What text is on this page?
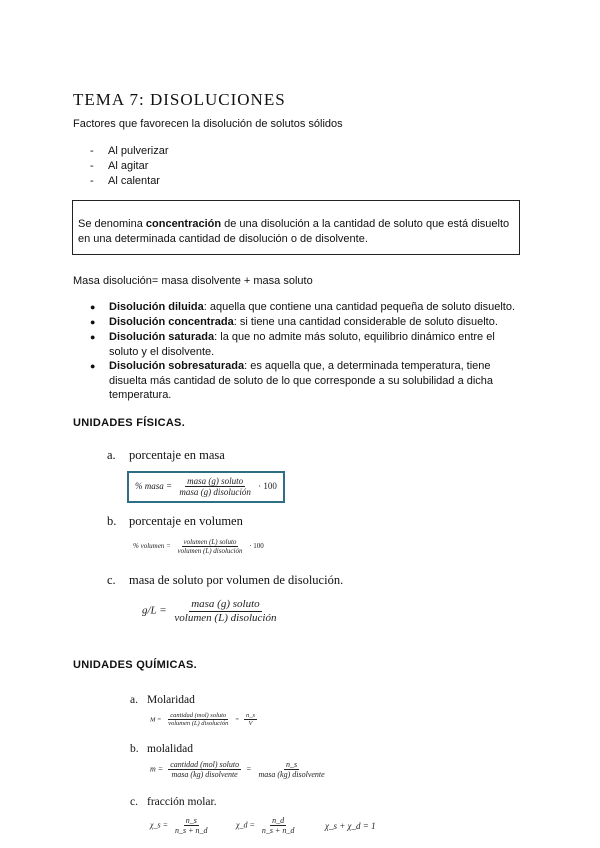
TEMA 7: DISOLUCIONES
Factores que favorecen la disolución de solutos sólidos
- Al pulverizar
- Al agitar
- Al calentar
Se denomina concentración de una disolución a la cantidad de soluto que está disuelto en una determinada cantidad de disolución o de disolvente.
Masa disolución= masa disolvente + masa soluto
● Disolución diluida: aquella que contiene una cantidad pequeña de soluto disuelto.
● Disolución concentrada: si tiene una cantidad considerable de soluto disuelto.
● Disolución saturada: la que no admite más soluto, equilibrio dinámico entre el soluto y el disolvente.
● Disolución sobresaturada: es aquella que, a determinada temperatura, tiene disuelta más cantidad de soluto de lo que corresponde a su solubilidad a dicha temperatura.
UNIDADES FÍSICAS.
a. porcentaje en masa
% masa = $\frac{\text{masa (g) soluto}}{\text{masa (g) disolución}} \cdot 100$
b. porcentaje en volumen
% volumen = $\frac{\text{volumen (L) soluto}}{\text{volumen (L) disolución}} \cdot 100$
c. masa de soluto por volumen de disolución.
$g/L = \frac{\text{masa (g) soluto}}{\text{volumen (L) disolución}}$
UNIDADES QUÍMICAS.
a. Molaridad
$M = \frac{\text{cantidad (mol) soluto}}{\text{volumen (L) disolución}} = \frac{n\_s}{V}$
b. molalidad
$m = \frac{\text{cantidad (mol) soluto}}{\text{masa (kg) disolvente}} = \frac{n\_s}{\text{masa (kg) disolvente}}$
c. fracción molar.
χ_s = $\frac{n\_s}{n\_s + n\_d}$	χ_d = $\frac{n\_d}{n\_s + n\_d}$	χ_s + χ_d = 1
